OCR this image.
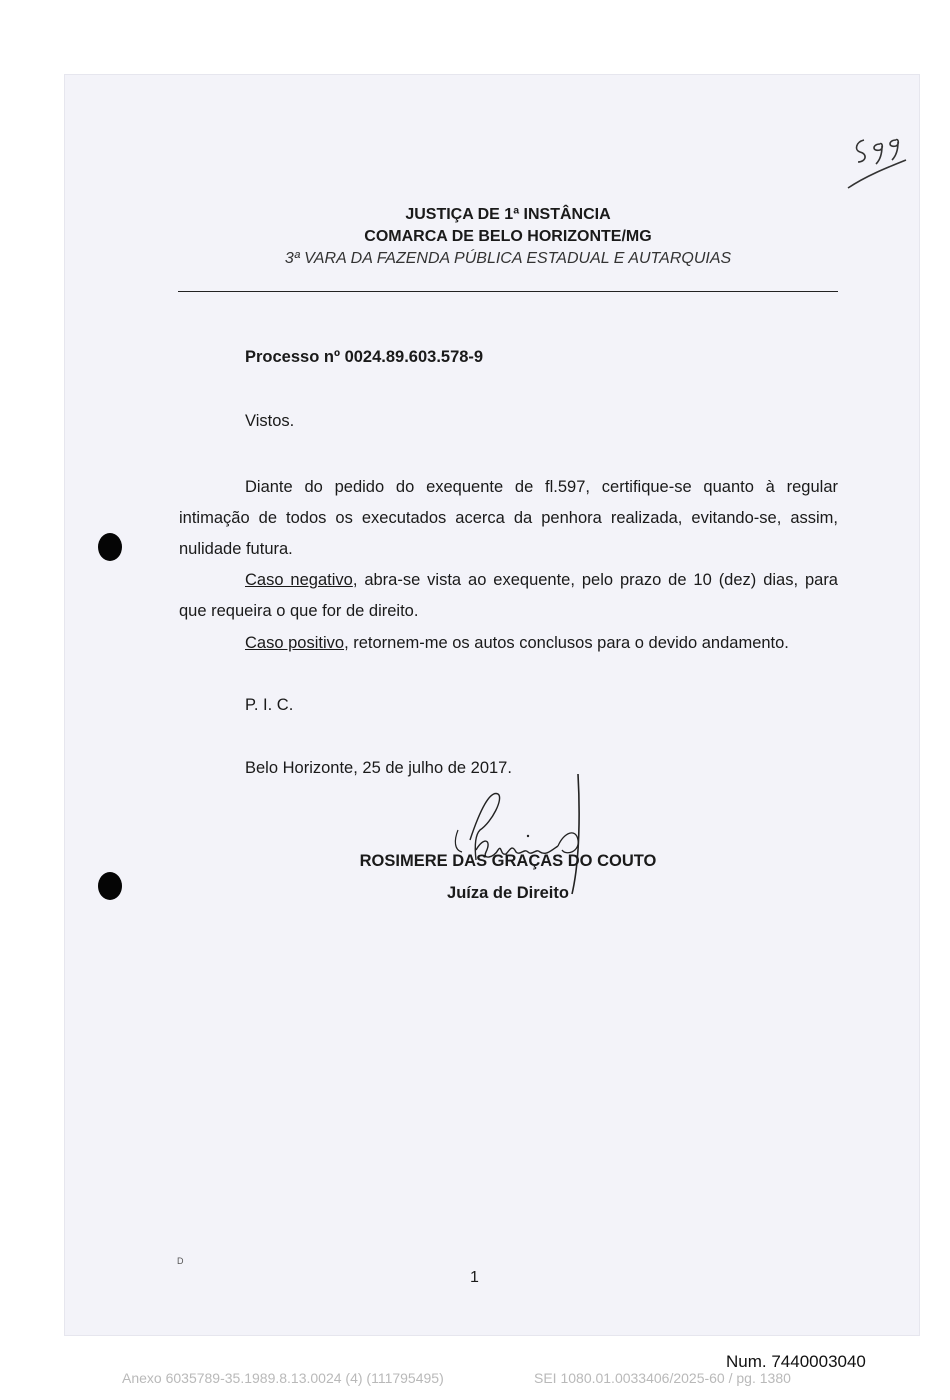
599
JUSTIÇA DE 1ª INSTÂNCIA
COMARCA DE BELO HORIZONTE/MG
3ª VARA DA FAZENDA PÚBLICA ESTADUAL E AUTARQUIAS
Processo nº 0024.89.603.578-9
Vistos.
Diante do pedido do exequente de fl.597, certifique-se quanto à regular intimação de todos os executados acerca da penhora realizada, evitando-se, assim, nulidade futura.
Caso negativo, abra-se vista ao exequente, pelo prazo de 10 (dez) dias, para que requeira o que for de direito.
Caso positivo, retornem-me os autos conclusos para o devido andamento.
P. I. C.
Belo Horizonte, 25 de julho de 2017.
ROSIMERE DAS GRAÇAS DO COUTO
Juíza de Direito
D
1
Num. 7440003040
Anexo 6035789-35.1989.8.13.0024 (4) (111795495)	SEI 1080.01.0033406/2025-60 / pg. 1380
